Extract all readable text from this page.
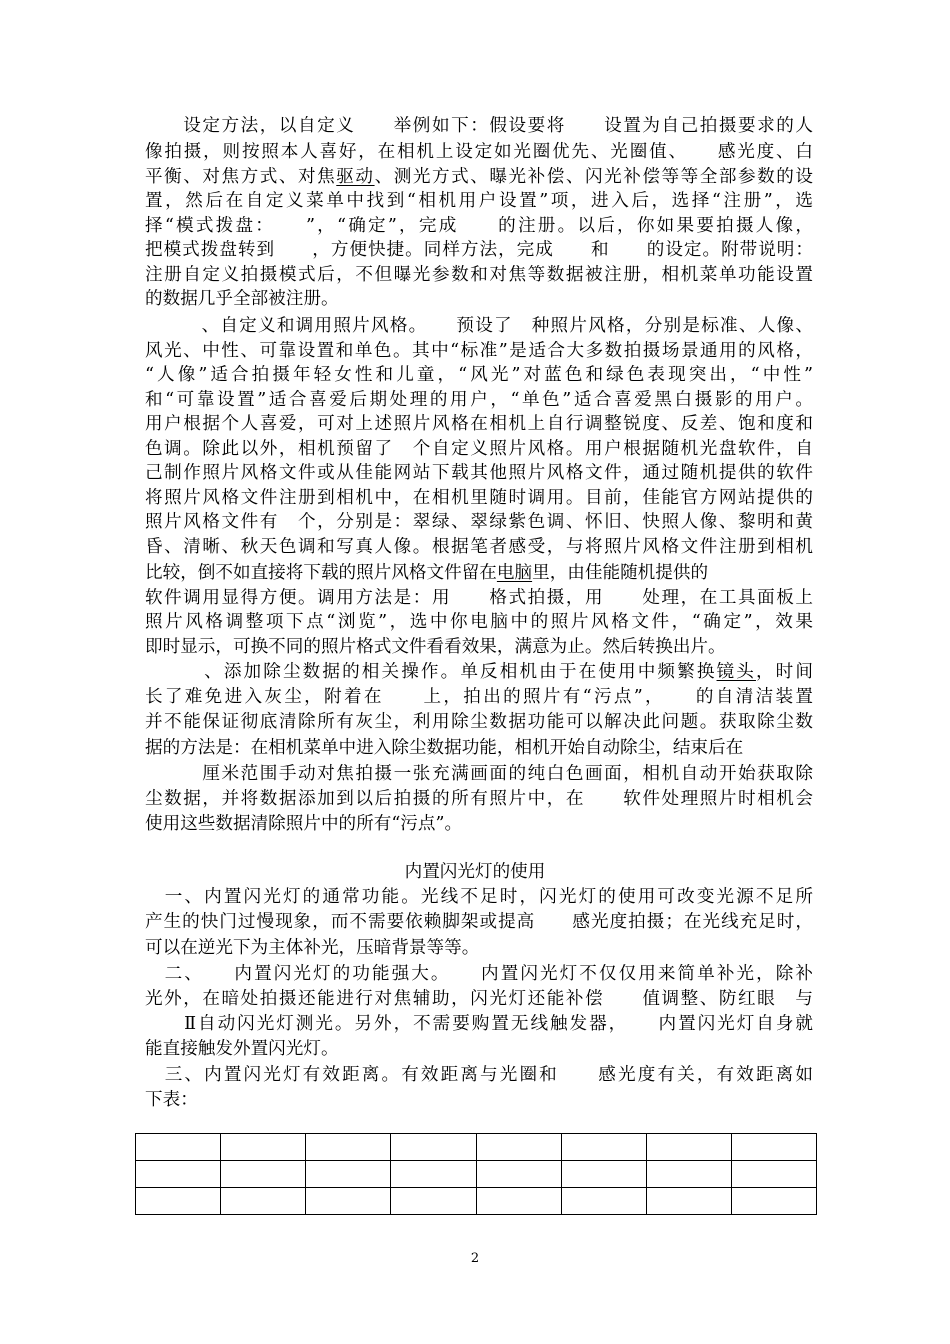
　　设定方法，以自定义　　举例如下：假设要将　　设置为自己拍摄要求的人
像拍摄，则按照本人喜好，在相机上设定如光圈优先、光圈值、　　感光度、白
平衡、对焦方式、对焦驱动、测光方式、曝光补偿、闪光补偿等等全部参数的设
置，然后在自定义菜单中找到“相机用户设置”项，进入后，选择“注册”，选
择“模式拨盘：　　”，“确定”，完成　　的注册。以后，你如果要拍摄人像，
把模式拨盘转到　　，方便快捷。同样方法，完成　　和　　的设定。附带说明：
注册自定义拍摄模式后，不但曝光参数和对焦等数据被注册，相机菜单功能设置
的数据几乎全部被注册。
　　　、自定义和调用照片风格。　　预设了　种照片风格，分别是标准、人像、
风光、中性、可靠设置和单色。其中“标准”是适合大多数拍摄场景通用的风格，
“人像”适合拍摄年轻女性和儿童，“风光”对蓝色和绿色表现突出，“中性”
和“可靠设置”适合喜爱后期处理的用户，“单色”适合喜爱黑白摄影的用户。
用户根据个人喜爱，可对上述照片风格在相机上自行调整锐度、反差、饱和度和
色调。除此以外，相机预留了　个自定义照片风格。用户根据随机光盘软件，自
己制作照片风格文件或从佳能网站下载其他照片风格文件，通过随机提供的软件
将照片风格文件注册到相机中，在相机里随时调用。目前，佳能官方网站提供的
照片风格文件有　个，分别是：翠绿、翠绿紫色调、怀旧、快照人像、黎明和黄
昏、清晰、秋天色调和写真人像。根据笔者感受，与将照片风格文件注册到相机
比较，倒不如直接将下载的照片风格文件留在电脑里，由佳能随机提供的
软件调用显得方便。调用方法是：用　　格式拍摄，用　　处理，在工具面板上
照片风格调整项下点“浏览”，选中你电脑中的照片风格文件，“确定”，效果
即时显示，可换不同的照片格式文件看看效果，满意为止。然后转换出片。
　　　、添加除尘数据的相关操作。单反相机由于在使用中频繁换镜头，时间
长了难免进入灰尘，附着在　　上，拍出的照片有“污点”，　　的自清洁装置
并不能保证彻底清除所有灰尘，利用除尘数据功能可以解决此问题。获取除尘数
据的方法是：在相机菜单中进入除尘数据功能，相机开始自动除尘，结束后在
　　　厘米范围手动对焦拍摄一张充满画面的纯白色画面，相机自动开始获取除
尘数据，并将数据添加到以后拍摄的所有照片中，在　　软件处理照片时相机会
使用这些数据清除照片中的所有“污点”。
内置闪光灯的使用
　一、内置闪光灯的通常功能。光线不足时，闪光灯的使用可改变光源不足所
产生的快门过慢现象，而不需要依赖脚架或提高　　感光度拍摄；在光线充足时，
可以在逆光下为主体补光，压暗背景等等。
　二、　　内置闪光灯的功能强大。　　内置闪光灯不仅仅用来简单补光，除补
光外，在暗处拍摄还能进行对焦辅助，闪光灯还能补偿　　值调整、防红眼　与
　　Ⅱ自动闪光灯测光。另外，不需要购置无线触发器，　　内置闪光灯自身就
能直接触发外置闪光灯。
　三、内置闪光灯有效距离。有效距离与光圈和　　感光度有关，有效距离如
下表：

2
